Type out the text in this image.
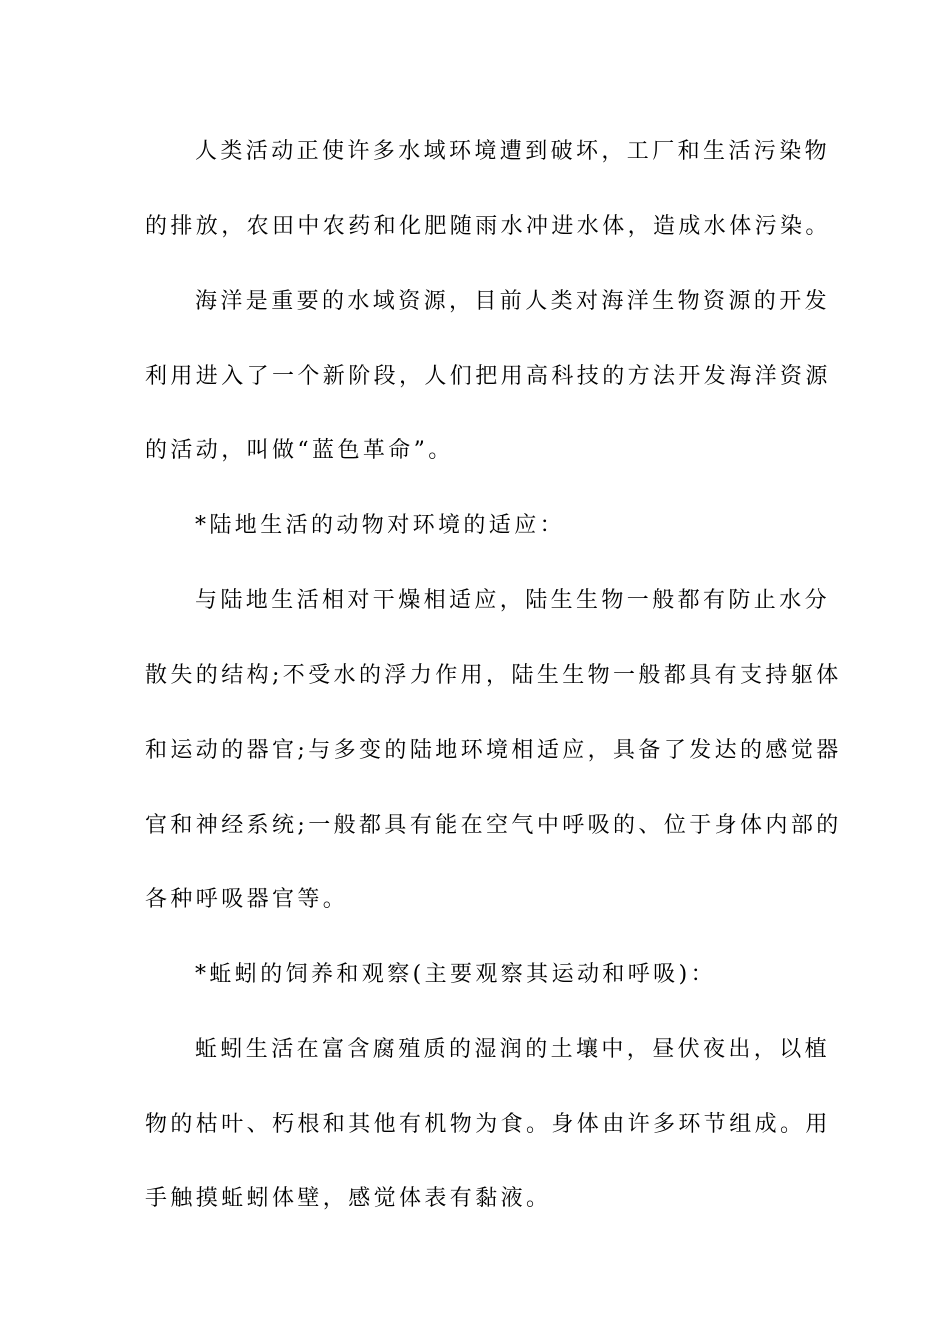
人类活动正使许多水域环境遭到破坏，工厂和生活污染物
的排放，农田中农药和化肥随雨水冲进水体，造成水体污染。
海洋是重要的水域资源，目前人类对海洋生物资源的开发
利用进入了一个新阶段，人们把用高科技的方法开发海洋资源
的活动，叫做“蓝色革命”。
*陆地生活的动物对环境的适应：
与陆地生活相对干燥相适应，陆生生物一般都有防止水分
散失的结构;不受水的浮力作用，陆生生物一般都具有支持躯体
和运动的器官;与多变的陆地环境相适应，具备了发达的感觉器
官和神经系统;一般都具有能在空气中呼吸的、位于身体内部的
各种呼吸器官等。
*蚯蚓的饲养和观察(主要观察其运动和呼吸)：
蚯蚓生活在富含腐殖质的湿润的土壤中，昼伏夜出，以植
物的枯叶、朽根和其他有机物为食。身体由许多环节组成。用
手触摸蚯蚓体壁，感觉体表有黏液。
